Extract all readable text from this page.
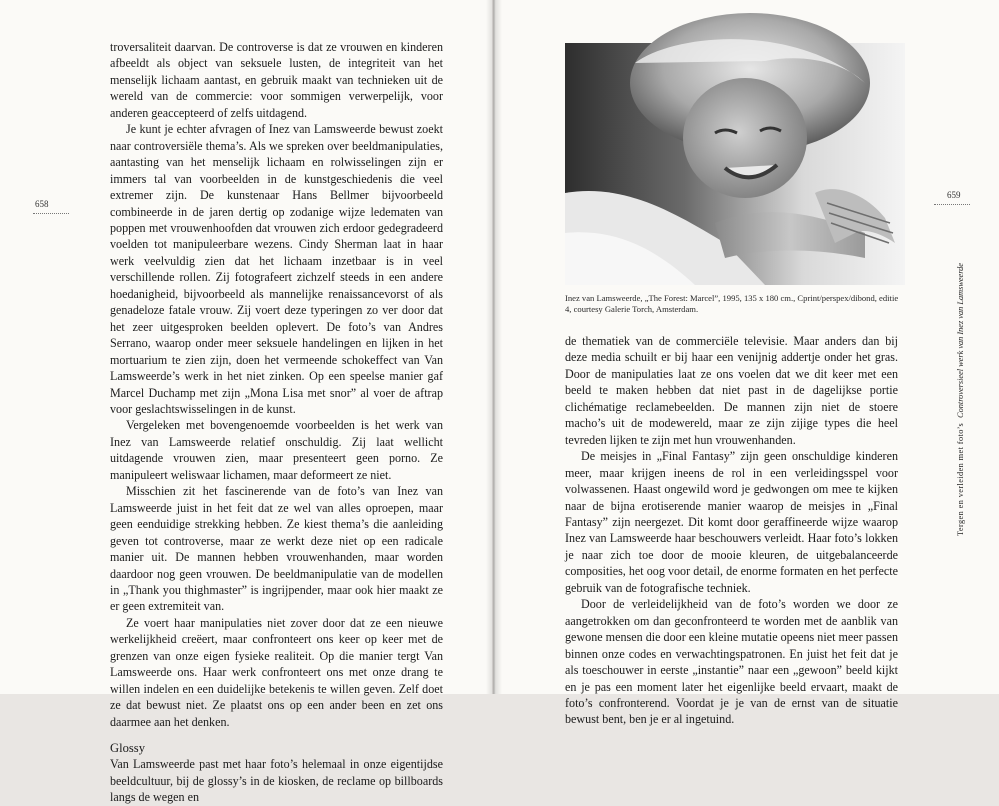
658

troversaliteit daarvan. De controverse is dat ze vrouwen en kinderen afbeeldt als object van seksuele lusten, de integriteit van het menselijk lichaam aantast, en gebruik maakt van technieken uit de wereld van de commercie: voor sommigen verwerpelijk, voor anderen geaccepteerd of zelfs uitdagend.

Je kunt je echter afvragen of Inez van Lamsweerde bewust zoekt naar controversiële thema’s. Als we spreken over beeldmanipulaties, aantasting van het menselijk lichaam en rolwisselingen zijn er immers tal van voorbeelden in de kunstgeschiedenis die veel extremer zijn. De kunstenaar Hans Bellmer bijvoorbeeld combineerde in de jaren dertig op zodanige wijze ledematen van poppen met vrouwenhoofden dat vrouwen zich erdoor gedegradeerd voelden tot manipuleerbare wezens. Cindy Sherman laat in haar werk veelvuldig zien dat het lichaam inzetbaar is in veel verschillende rollen. Zij fotografeert zichzelf steeds in een andere hoedanigheid, bijvoorbeeld als mannelijke renaissancevorst of als genadeloze fatale vrouw. Zij voert deze typeringen zo ver door dat het zeer uitgesproken beelden oplevert. De foto’s van Andres Serrano, waarop onder meer seksuele handelingen en lijken in het mortuarium te zien zijn, doen het vermeende schokeffect van Van Lamsweerde’s werk in het niet zinken. Op een speelse manier gaf Marcel Duchamp met zijn „Mona Lisa met snor” al voer de aftrap voor geslachtswisselingen in de kunst.

Vergeleken met bovengenoemde voorbeelden is het werk van Inez van Lamsweerde relatief onschuldig. Zij laat wellicht uitdagende vrouwen zien, maar presenteert geen porno. Ze manipuleert weliswaar lichamen, maar deformeert ze niet.

Misschien zit het fascinerende van de foto’s van Inez van Lamsweerde juist in het feit dat ze wel van alles oproepen, maar geen eenduidige strekking hebben. Ze kiest thema’s die aanleiding geven tot controverse, maar ze werkt deze niet op een radicale manier uit. De mannen hebben vrouwenhanden, maar worden daardoor nog geen vrouwen. De beeldmanipulatie van de modellen in „Thank you thighmaster” is ingrijpender, maar ook hier maakt ze er geen extremiteit van.

Ze voert haar manipulaties niet zover door dat ze een nieuwe werkelijkheid creëert, maar confronteert ons keer op keer met de grenzen van onze eigen fysieke realiteit. Op die manier tergt Van Lamsweerde ons. Haar werk confronteert ons met onze drang te willen indelen en een duidelijke betekenis te willen geven. Zelf doet ze dat bewust niet. Ze plaatst ons op een ander been en zet ons daarmee aan het denken.

Glossy

Van Lamsweerde past met haar foto’s helemaal in onze eigentijdse beeldcultuur, bij de glossy’s in de kiosken, de reclame op billboards langs de wegen en

Inez van Lamsweerde, „The Forest: Marcel”, 1995, 135 x 180 cm., Cprint/perspex/dibond, editie 4, courtesy Galerie Torch, Amsterdam.

de thematiek van de commerciële televisie. Maar anders dan bij deze media schuilt er bij haar een venijnig addertje onder het gras. Door de manipulaties laat ze ons voelen dat we dit keer met een beeld te maken hebben dat niet past in de dagelijkse portie clichématige reclamebeelden. De mannen zijn niet de stoere macho’s uit de modewereld, maar ze zijn zijige types die heel tevreden lijken te zijn met hun vrouwenhanden.

De meisjes in „Final Fantasy” zijn geen onschuldige kinderen meer, maar krijgen ineens de rol in een verleidingsspel voor volwassenen. Haast ongewild word je gedwongen om mee te kijken naar de bijna erotiserende manier waarop de meisjes in „Final Fantasy” zijn neergezet. Dit komt door geraffineerde wijze waarop Inez van Lamsweerde haar beschouwers verleidt. Haar foto’s lokken je naar zich toe door de mooie kleuren, de uitgebalanceerde composities, het oog voor detail, de enorme formaten en het perfecte gebruik van de fotografische techniek.

Door de verleidelijkheid van de foto’s worden we door ze aangetrokken om dan geconfronteerd te worden met de aanblik van gewone mensen die door een kleine mutatie opeens niet meer passen binnen onze codes en verwachtingspatronen. En juist het feit dat je als toeschouwer in eerste „instantie” naar een „gewoon” beeld kijkt en je pas een moment later het eigenlijke beeld ervaart, maakt de foto’s confronterend. Voordat je je van de ernst van de situatie bewust bent, ben je er al ingetuind.

659
Tergen en verleiden met foto’s  Controversieel werk van Inez van Lamsweerde
